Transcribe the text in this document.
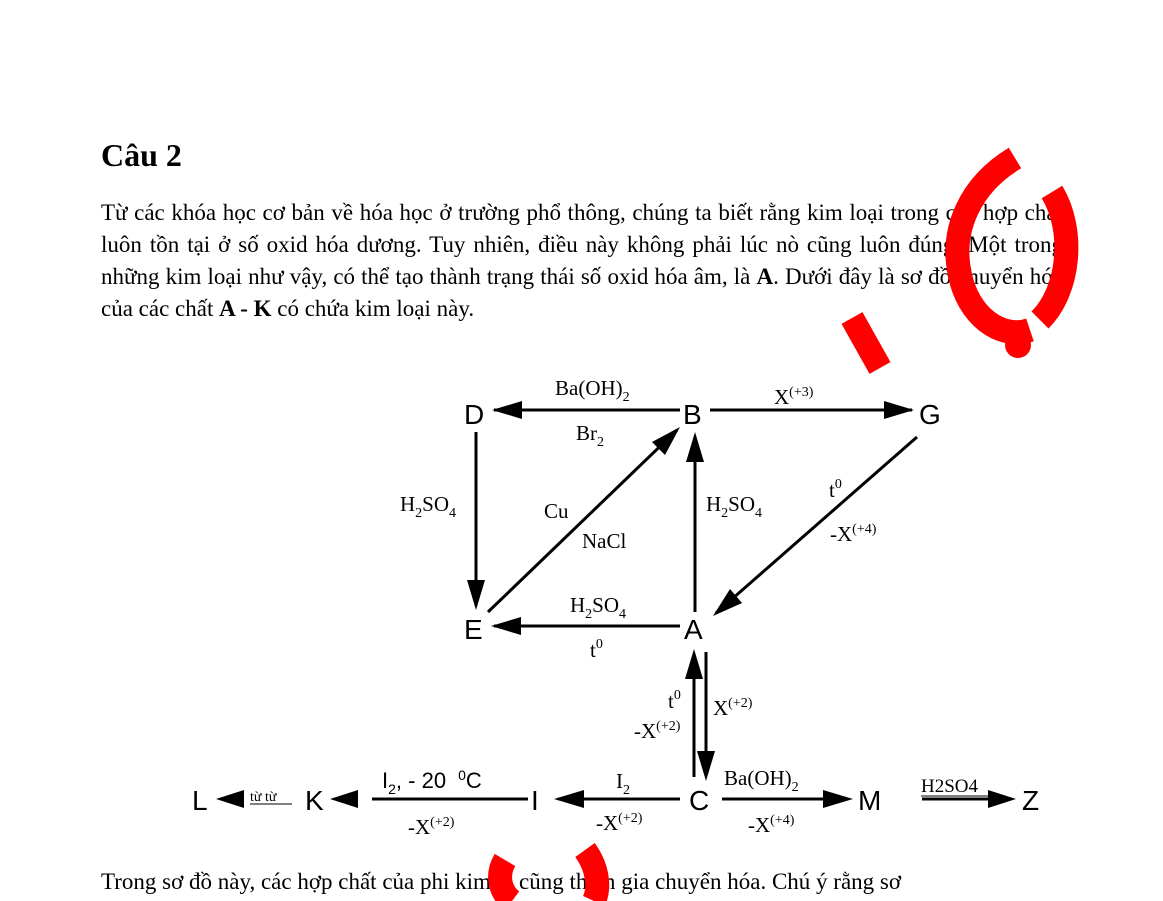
Câu 2

Từ các khóa học cơ bản về hóa học ở trường phổ thông, chúng ta biết rằng kim loại trong các hợp chất luôn tồn tại ở số oxid hóa dương. Tuy nhiên, điều này không phải lúc nò cũng luôn đúng. Một trong những kim loại như vậy, có thể tạo thành trạng thái số oxid hóa âm, là A. Dưới đây là sơ đồ chuyển hóa của các chất A - K có chứa kim loại này.

D	B	G
E	A
L	K	I	C	M	Z
$Ba(OH)_2$
$Br_2$
$X^{(+3)}$
$H_2SO_4$	Cu
NaCl
$H_2SO_4$
$t^0$
$-X^{(+4)}$
$H_2SO_4$
$t^0$
$t^0$
$-X^{(+2)}$
$X^{(+2)}$
$I_2$
$-X^{(+2)}$
$I_2$, - 20 $^0$C
$-X^{(+2)}$
từ từ
$Ba(OH)_2$
$-X^{(+4)}$
H2SO4

Trong sơ đồ này, các hợp chất của phi kim X cũng tham gia chuyển hóa. Chú ý rằng sơ
